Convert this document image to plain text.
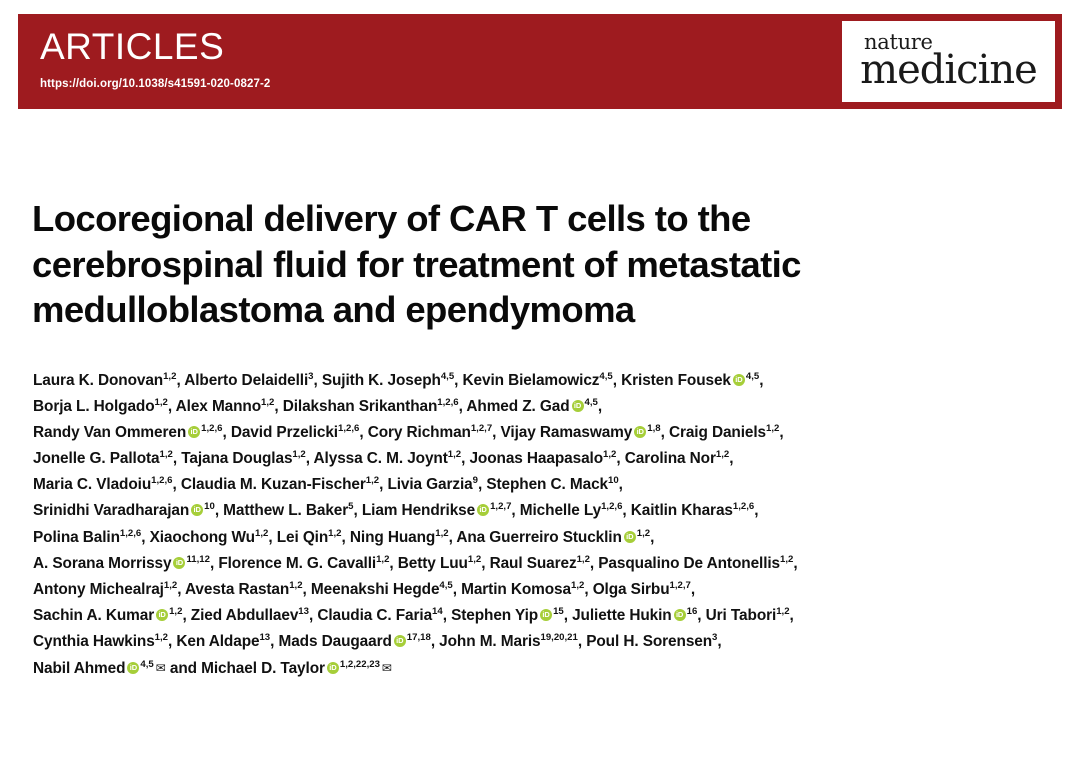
ARTICLES
https://doi.org/10.1038/s41591-020-0827-2
nature
medicine
Locoregional delivery of CAR T cells to the
cerebrospinal fluid for treatment of metastatic
medulloblastoma and ependymoma
Laura K. Donovan$^{1,2}$, Alberto Delaidelli$^3$, Sujith K. Joseph$^{4,5}$, Kevin Bielamowicz$^{4,5}$, Kristen Fousek iD $^{4,5}$,
Borja L. Holgado$^{1,2}$, Alex Manno$^{1,2}$, Dilakshan Srikanthan$^{1,2,6}$, Ahmed Z. Gad iD $^{4,5}$,
Randy Van Ommeren iD $^{1,2,6}$, David Przelicki$^{1,2,6}$, Cory Richman$^{1,2,7}$, Vijay Ramaswamy iD $^{1,8}$, Craig Daniels$^{1,2}$,
Jonelle G. Pallota$^{1,2}$, Tajana Douglas$^{1,2}$, Alyssa C. M. Joynt$^{1,2}$, Joonas Haapasalo$^{1,2}$, Carolina Nor$^{1,2}$,
Maria C. Vladoiu$^{1,2,6}$, Claudia M. Kuzan-Fischer$^{1,2}$, Livia Garzia$^9$, Stephen C. Mack$^{10}$,
Srinidhi Varadharajan iD $^{10}$, Matthew L. Baker$^5$, Liam Hendrikse iD $^{1,2,7}$, Michelle Ly$^{1,2,6}$, Kaitlin Kharas$^{1,2,6}$,
Polina Balin$^{1,2,6}$, Xiaochong Wu$^{1,2}$, Lei Qin$^{1,2}$, Ning Huang$^{1,2}$, Ana Guerreiro Stucklin iD $^{1,2}$,
A. Sorana Morrissy iD $^{11,12}$, Florence M. G. Cavalli$^{1,2}$, Betty Luu$^{1,2}$, Raul Suarez$^{1,2}$, Pasqualino De Antonellis$^{1,2}$,
Antony Michealraj$^{1,2}$, Avesta Rastan$^{1,2}$, Meenakshi Hegde$^{4,5}$, Martin Komosa$^{1,2}$, Olga Sirbu$^{1,2,7}$,
Sachin A. Kumar iD $^{1,2}$, Zied Abdullaev$^{13}$, Claudia C. Faria$^{14}$, Stephen Yip iD $^{15}$, Juliette Hukin iD $^{16}$, Uri Tabori$^{1,2}$,
Cynthia Hawkins$^{1,2}$, Ken Aldape$^{13}$, Mads Daugaard iD $^{17,18}$, John M. Maris$^{19,20,21}$, Poul H. Sorensen$^3$,
Nabil Ahmed iD $^{4,5}$ ✉ and Michael D. Taylor iD $^{1,2,22,23}$ ✉
